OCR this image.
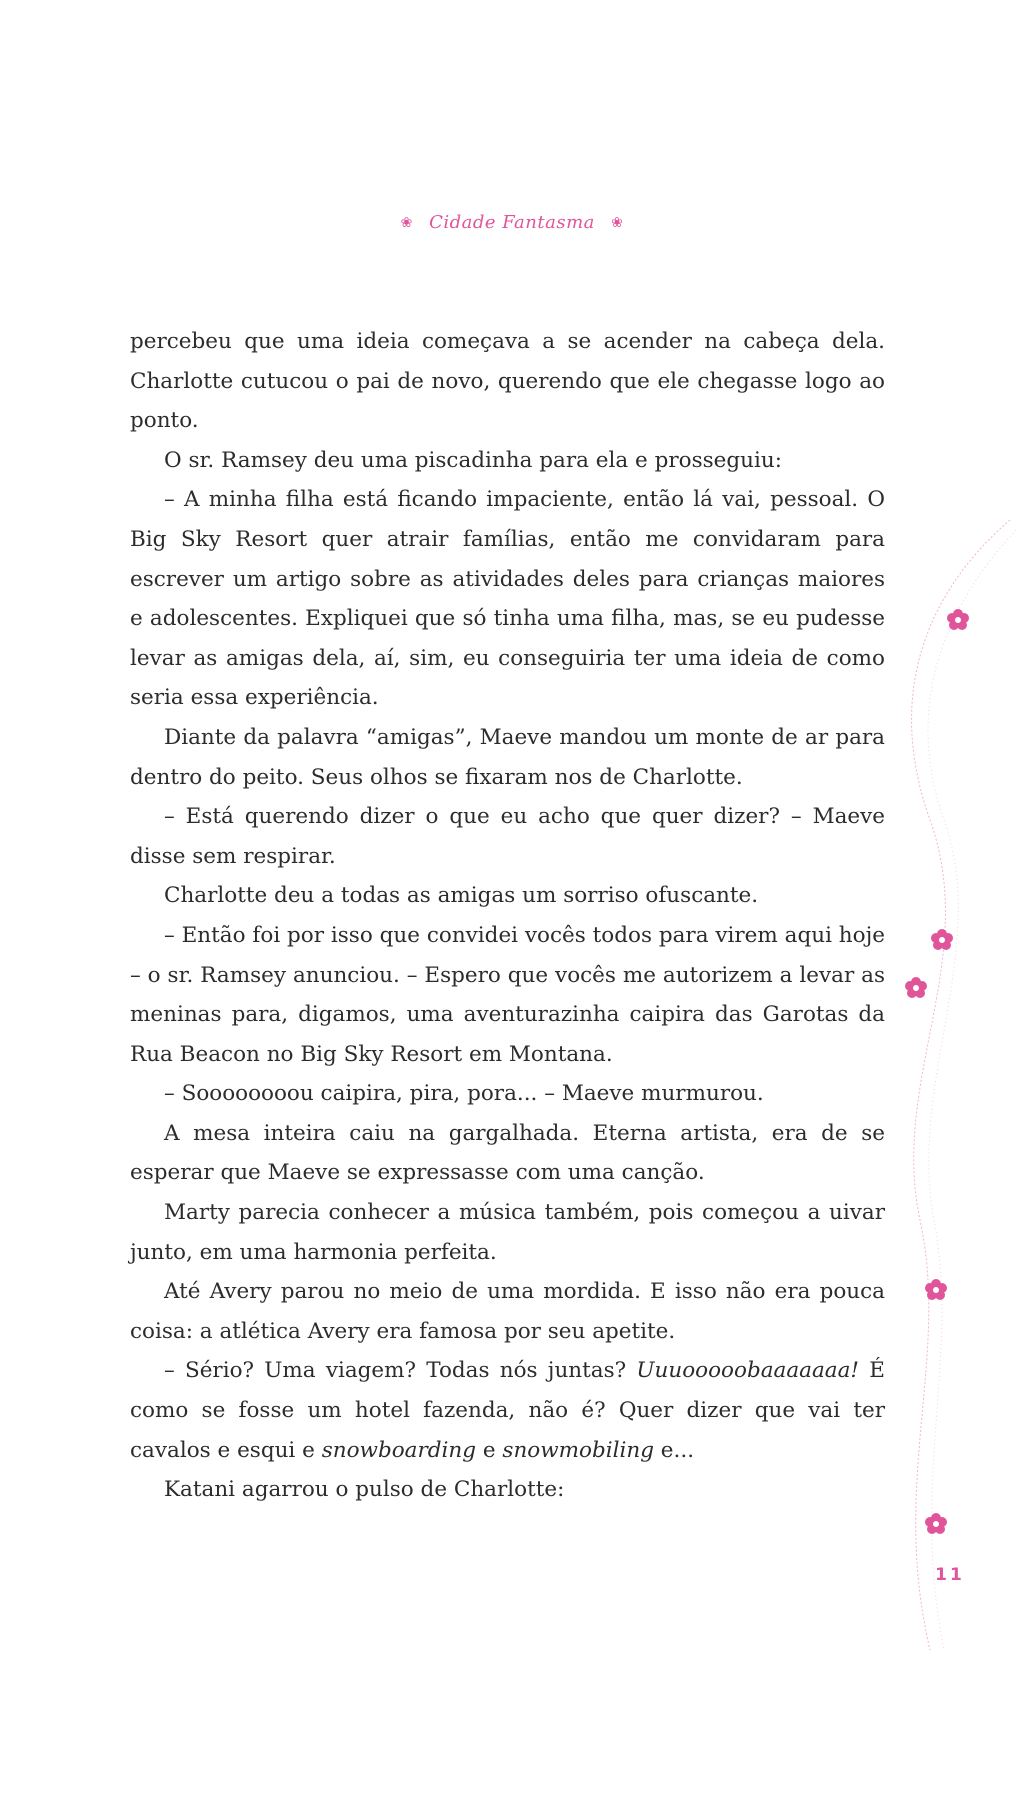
❀ Cidade Fantasma ❀

percebeu que uma ideia começava a se acender na cabeça dela. Charlotte cutucou o pai de novo, querendo que ele chegasse logo ao ponto.

O sr. Ramsey deu uma piscadinha para ela e prosseguiu:

– A minha filha está ficando impaciente, então lá vai, pessoal. O Big Sky Resort quer atrair famílias, então me convidaram para escrever um artigo sobre as atividades deles para crianças maiores e adolescentes. Expliquei que só tinha uma filha, mas, se eu pudesse levar as amigas dela, aí, sim, eu conseguiria ter uma ideia de como seria essa experiência.

Diante da palavra “amigas”, Maeve mandou um monte de ar para dentro do peito. Seus olhos se fixaram nos de Charlotte.

– Está querendo dizer o que eu acho que quer dizer? – Maeve disse sem respirar.

Charlotte deu a todas as amigas um sorriso ofuscante.

– Então foi por isso que convidei vocês todos para virem aqui hoje – o sr. Ramsey anunciou. – Espero que vocês me autorizem a levar as meninas para, digamos, uma aventurazinha caipira das Garotas da Rua Beacon no Big Sky Resort em Montana.

– Soooooooou caipira, pira, pora... – Maeve murmurou.

A mesa inteira caiu na gargalhada. Eterna artista, era de se esperar que Maeve se expressasse com uma canção.

Marty parecia conhecer a música também, pois começou a uivar junto, em uma harmonia perfeita.

Até Avery parou no meio de uma mordida. E isso não era pouca coisa: a atlética Avery era famosa por seu apetite.

– Sério? Uma viagem? Todas nós juntas? Uuuooooobaaaaaaa! É como se fosse um hotel fazenda, não é? Quer dizer que vai ter cavalos e esqui e snowboarding e snowmobiling e...

Katani agarrou o pulso de Charlotte:

11
